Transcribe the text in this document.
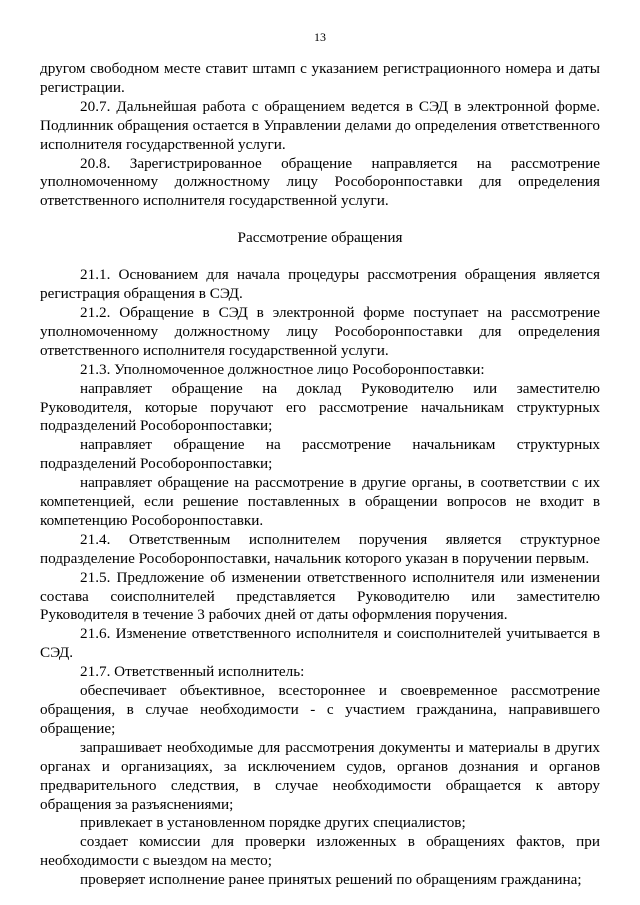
13
другом свободном месте ставит штамп с указанием регистрационного номера и даты регистрации.
20.7. Дальнейшая работа с обращением ведется в СЭД в электронной форме. Подлинник обращения остается в Управлении делами до определения ответственного исполнителя государственной услуги.
20.8. Зарегистрированное обращение направляется на рассмотрение уполномоченному должностному лицу Рособоронпоставки для определения ответственного исполнителя государственной услуги.
Рассмотрение обращения
21.1. Основанием для начала процедуры рассмотрения обращения является регистрация обращения в СЭД.
21.2. Обращение в СЭД в электронной форме поступает на рассмотрение уполномоченному должностному лицу Рособоронпоставки для определения ответственного исполнителя государственной услуги.
21.3. Уполномоченное должностное лицо Рособоронпоставки:
направляет обращение на доклад Руководителю или заместителю Руководителя, которые поручают его рассмотрение начальникам структурных подразделений Рособоронпоставки;
направляет обращение на рассмотрение начальникам структурных подразделений Рособоронпоставки;
направляет обращение на рассмотрение в другие органы, в соответствии с их компетенцией, если решение поставленных в обращении вопросов не входит в компетенцию Рособоронпоставки.
21.4. Ответственным исполнителем поручения является структурное подразделение Рособоронпоставки, начальник которого указан в поручении первым.
21.5. Предложение об изменении ответственного исполнителя или изменении состава соисполнителей представляется Руководителю или заместителю Руководителя в течение 3 рабочих дней от даты оформления поручения.
21.6. Изменение ответственного исполнителя и соисполнителей учитывается в СЭД.
21.7. Ответственный исполнитель:
обеспечивает объективное, всестороннее и своевременное рассмотрение обращения, в случае необходимости - с участием гражданина, направившего обращение;
запрашивает необходимые для рассмотрения документы и материалы в других органах и организациях, за исключением судов, органов дознания и органов предварительного следствия, в случае необходимости обращается к автору обращения за разъяснениями;
привлекает в установленном порядке других специалистов;
создает комиссии для проверки изложенных в обращениях фактов, при необходимости с выездом на место;
проверяет исполнение ранее принятых решений по обращениям гражданина;
